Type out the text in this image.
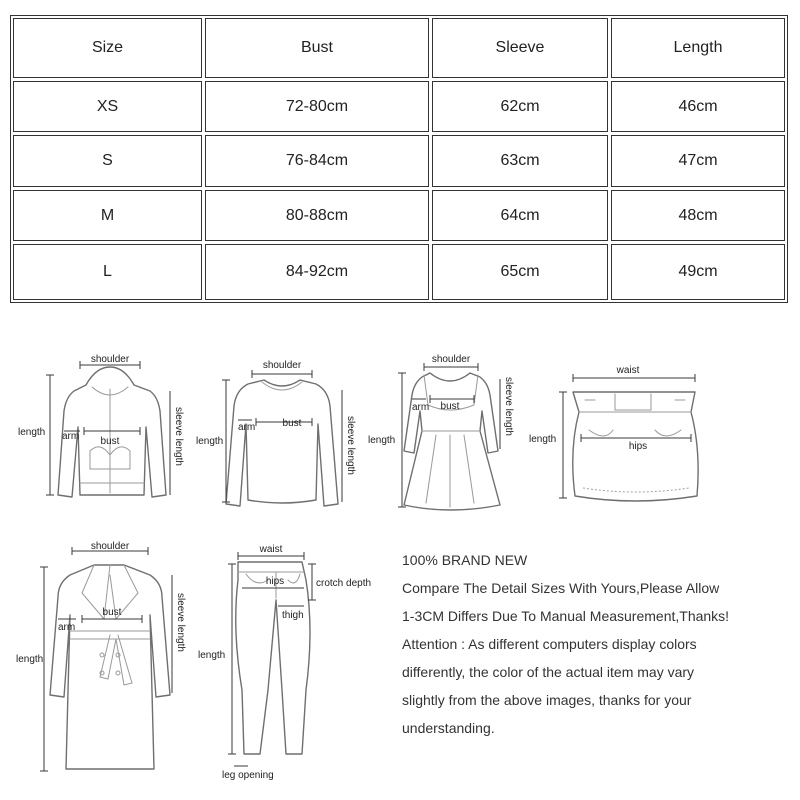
Size	Bust	Sleeve	Length
XS	72-80cm	62cm	46cm
S	76-84cm	63cm	47cm
M	80-88cm	64cm	48cm
L	84-92cm	65cm	49cm
shoulder
length arm bust	sleeve length
shoulder
length
arm	bust	sleeve length
shoulder
length
arm bust	sleeve length
waist
length
hips
shoulder
length
arm
bust	sleeve length
waist
hips	crotch depth
thigh
length
leg opening
100% BRAND NEW
Compare The Detail Sizes With Yours,Please Allow
1-3CM Differs Due To Manual Measurement,Thanks!
Attention : As different computers display colors
differently, the color of the actual item may vary
slightly from the above images, thanks for your
understanding.
